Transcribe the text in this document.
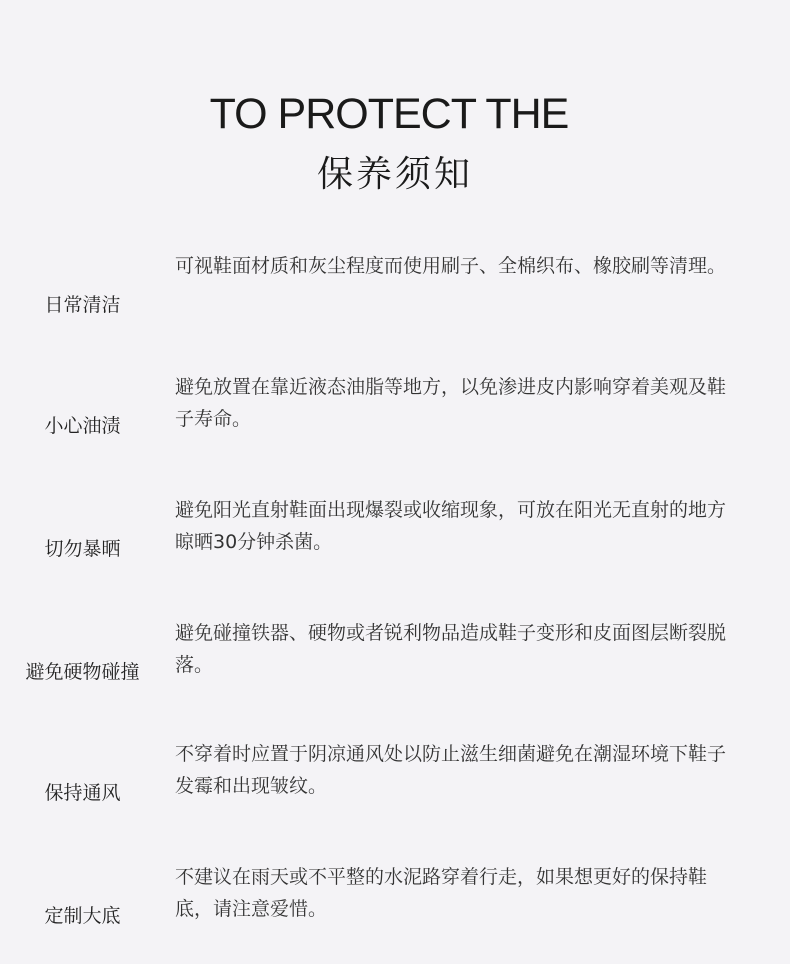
TO PROTECT THE
保养须知
日常清洁
可视鞋面材质和灰尘程度而使用刷子、全棉织布、橡胶刷等清理。
小心油渍
避免放置在靠近液态油脂等地方，以免渗进皮内影响穿着美观及鞋子寿命。
切勿暴晒
避免阳光直射鞋面出现爆裂或收缩现象，可放在阳光无直射的地方晾晒30分钟杀菌。
避免硬物碰撞
避免碰撞铁器、硬物或者锐利物品造成鞋子变形和皮面图层断裂脱落。
保持通风
不穿着时应置于阴凉通风处以防止滋生细菌避免在潮湿环境下鞋子发霉和出现皱纹。
定制大底
不建议在雨天或不平整的水泥路穿着行走，如果想更好的保持鞋底，请注意爱惜。
